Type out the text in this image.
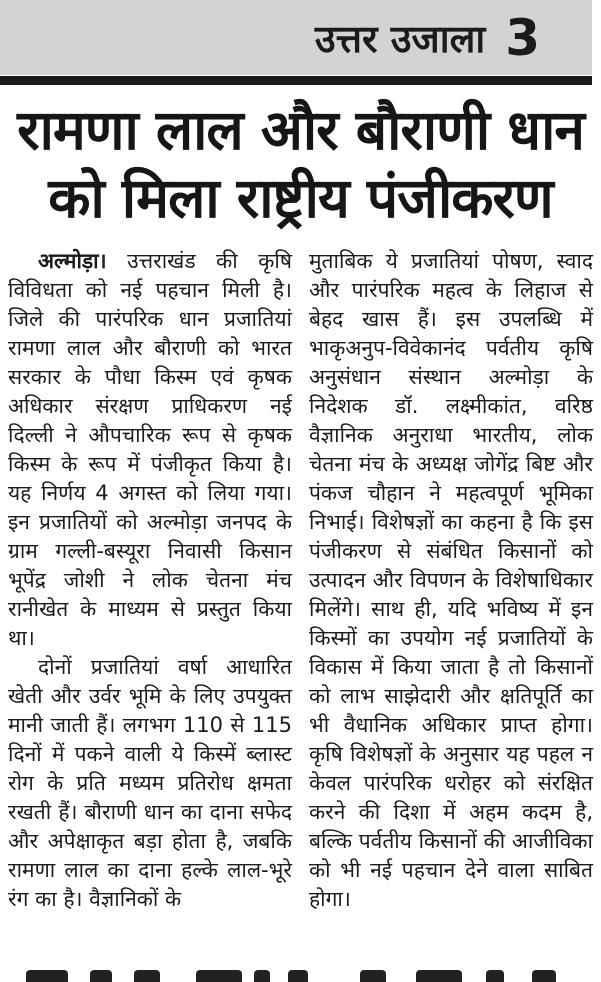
उत्तर उजाला 3
रामणा लाल और बौराणी धान
को मिला राष्ट्रीय पंजीकरण

अल्मोड़ा। उत्तराखंड की कृषि विविधता को नई पहचान मिली है। जिले की पारंपरिक धान प्रजातियां रामणा लाल और बौराणी को भारत सरकार के पौधा किस्म एवं कृषक अधिकार संरक्षण प्राधिकरण नई दिल्ली ने औपचारिक रूप से कृषक किस्म के रूप में पंजीकृत किया है। यह निर्णय 4 अगस्त को लिया गया। इन प्रजातियों को अल्मोड़ा जनपद के ग्राम गल्ली-बस्यूरा निवासी किसान भूपेंद्र जोशी ने लोक चेतना मंच रानीखेत के माध्यम से प्रस्तुत किया था।

दोनों प्रजातियां वर्षा आधारित खेती और उर्वर भूमि के लिए उपयुक्त मानी जाती हैं। लगभग 110 से 115 दिनों में पकने वाली ये किस्में ब्लास्ट रोग के प्रति मध्यम प्रतिरोध क्षमता रखती हैं। बौराणी धान का दाना सफेद और अपेक्षाकृत बड़ा होता है, जबकि रामणा लाल का दाना हल्के लाल-भूरे रंग का है। वैज्ञानिकों के

मुताबिक ये प्रजातियां पोषण, स्वाद और पारंपरिक महत्व के लिहाज से बेहद खास हैं। इस उपलब्धि में भाकृअनुप-विवेकानंद पर्वतीय कृषि अनुसंधान संस्थान अल्मोड़ा के निदेशक डॉ. लक्ष्मीकांत, वरिष्ठ वैज्ञानिक अनुराधा भारतीय, लोक चेतना मंच के अध्यक्ष जोगेंद्र बिष्ट और पंकज चौहान ने महत्वपूर्ण भूमिका निभाई। विशेषज्ञों का कहना है कि इस पंजीकरण से संबंधित किसानों को उत्पादन और विपणन के विशेषाधिकार मिलेंगे। साथ ही, यदि भविष्य में इन किस्मों का उपयोग नई प्रजातियों के विकास में किया जाता है तो किसानों को लाभ साझेदारी और क्षतिपूर्ति का भी वैधानिक अधिकार प्राप्त होगा। कृषि विशेषज्ञों के अनुसार यह पहल न केवल पारंपरिक धरोहर को संरक्षित करने की दिशा में अहम कदम है, बल्कि पर्वतीय किसानों की आजीविका को भी नई पहचान देने वाला साबित होगा।
